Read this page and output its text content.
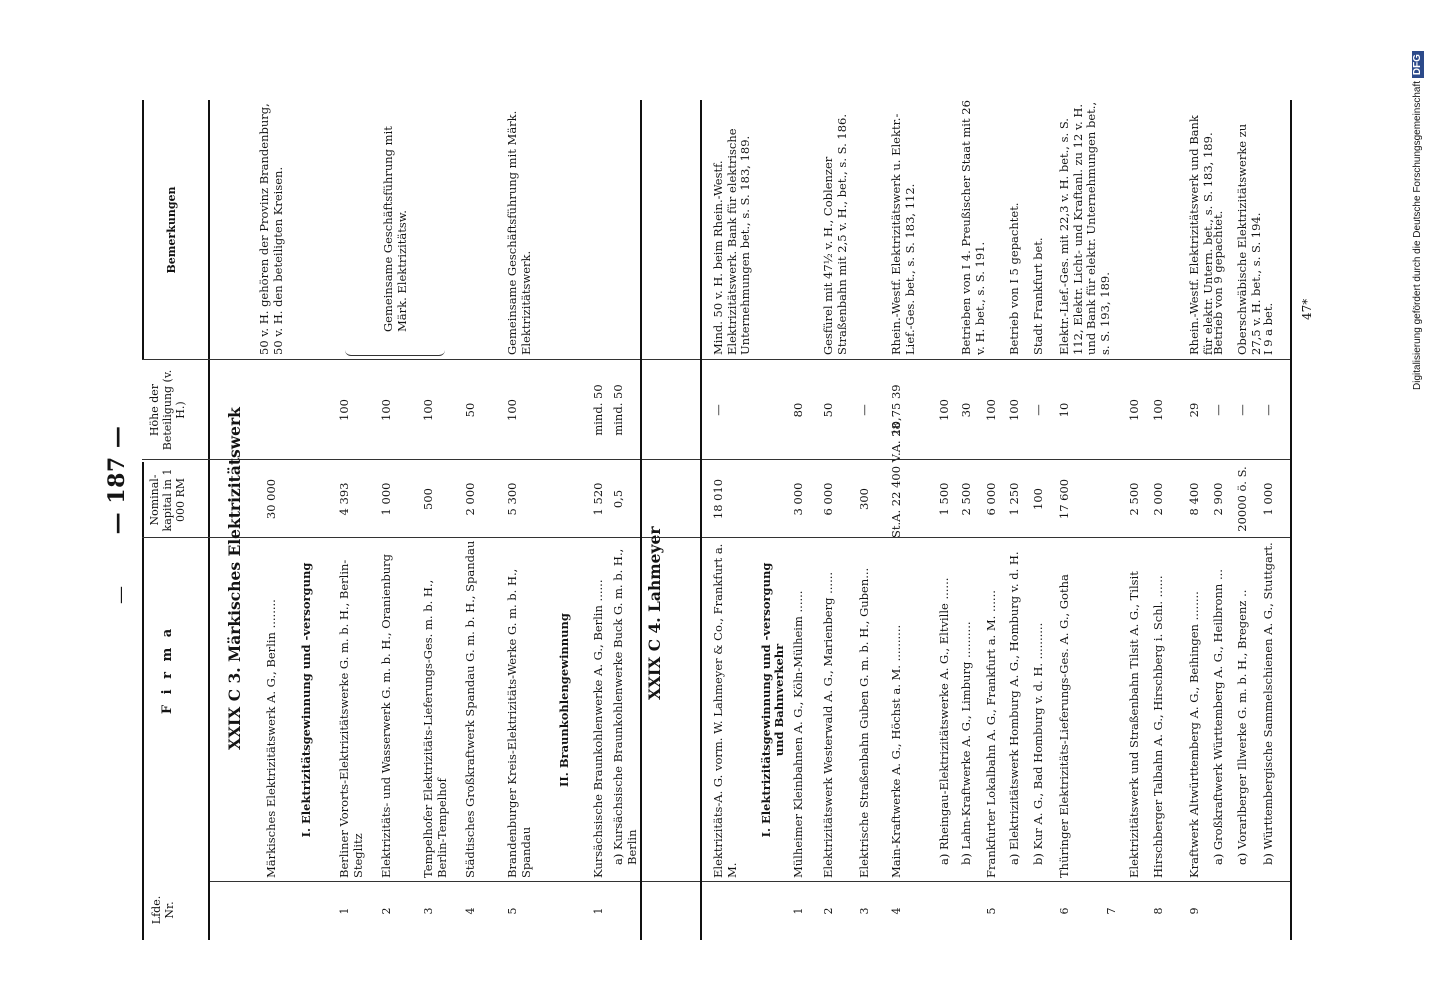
—
— 187 —
Lfde. Nr.
F i r m a
Nominal- kapital in 1 000 RM
Höhe der Beteiligung (v. H.)
Bemerkungen
XXIX C 3. Märkisches Elektrizitätswerk Märkisches Elektrizitätswerk A. G., Berlin ........
30 000
50 v. H. gehören der Provinz Brandenburg, 50 v. H. den beteiligten Kreisen.
I. Elektrizitätsgewinnung und -versorgung
1
Berliner Vororts-Elektrizitätswerke G. m. b. H., Berlin-Steglitz
4 393
100
2
Elektrizitäts- und Wasserwerk G. m. b. H., Oranienburg
1 000
100
Gemeinsame Geschäftsführung mit Märk. Elektrizitätsw.
3
Tempelhofer Elektrizitäts-Lieferungs-Ges. m. b. H., Berlin-Tempelhof
500
100
4
Städtisches Großkraftwerk Spandau G. m. b. H., Spandau
2 000
50
5
Brandenburger Kreis-Elektrizitäts-Werke G. m. b. H., Spandau
5 300
100
Gemeinsame Geschäftsführung mit Märk. Elektrizitätswerk.
II. Braunkohlengewinnung
1
Kursächsische Braunkohlenwerke A. G., Berlin ......
1 520
mind. 50
a) Kursächsische Braunkohlenwerke Buck G. m. b. H., Berlin
0,5
mind. 50
XXIX C 4. Lahmeyer	Elektrizitäts-A. G. vorm. W. Lahmeyer & Co., Frankfurt a. M.
18 010
—
Mind. 50 v. H. beim Rhein.-Westf. Elektrizitätswerk. Bank für elektrische Unternehmungen bet., s. S. 183, 189.
I. Elektrizitätsgewinnung und -versorgung und Bahnverkehr
1
Mülheimer Kleinbahnen A. G., Köln-Mülheim ......
3 000
80
2
Elektrizitätswerk Westerwald A. G., Marienberg ......
6 000
50
Gesfürel mit 47½ v. H., Coblenzer Straßenbahn mit 2,5 v. H., bet., s. S. 186.
3
Elektrische Straßenbahn Guben G. m. b. H., Guben...
300
—
4
Main-Kraftwerke A. G., Höchst a. M. ..........
St.A. 22 400 V.A. 28
10,75 39
Rhein.-Westf. Elektrizitätswerk u. Elektr.-Lief.-Ges. bet., s. S. 183, 112.
a) Rheingau-Elektrizitätswerke A. G., Eltville ......
1 500
100
b) Lahn-Kraftwerke A. G., Limburg ..........
2 500
30
Betrieben von I 4. Preußischer Staat mit 26 v. H. bet., s. S. 191.
5
Frankfurter Lokalbahn A. G., Frankfurt a. M. ......
6 000
100
a) Elektrizitätswerk Homburg A. G., Homburg v. d. H.
1 250
100
Betrieb von I 5 gepachtet.
b) Kur A. G., Bad Homburg v. d. H. ..........
100
—
Stadt Frankfurt bet.
6
Thüringer Elektrizitäts-Lieferungs-Ges. A. G., Gotha
17 600
10
Elektr.-Lief.-Ges. mit 22,3 v. H. bet., s. S. 112, Elektr. Licht- und Kraftanl. zu 12 v. H. und Bank für elektr. Unternehmungen bet., s. S. 193, 189.
7
Elektrizitätswerk und Straßenbahn Tilsit A. G., Tilsit
2 500
100
8
Hirschberger Talbahn A. G., Hirschberg i. Schl. ......
2 000
100
9
Kraftwerk Altwürttemberg A. G., Beihingen ........
8 400
29
Rhein.-Westf. Elektrizitätswerk und Bank für elektr. Untern. bet., s. S. 183, 189.
a) Großkraftwerk Württemberg A. G., Heilbronn ...
2 900
—
Betrieb von 9 gepachtet.
α) Vorarlberger Illwerke G. m. b. H., Bregenz ..
20000 ö. S.
—
Oberschwäbische Elektrizitätswerke zu 27,5 v. H. bet., s. S. 194.
b) Württembergische Sammelschienen A. G., Stuttgart.
1 000
—
I 9 a bet. 47*	Digitalisierung gefördert durch die Deutsche Forschungsgemeinschaft DFG
